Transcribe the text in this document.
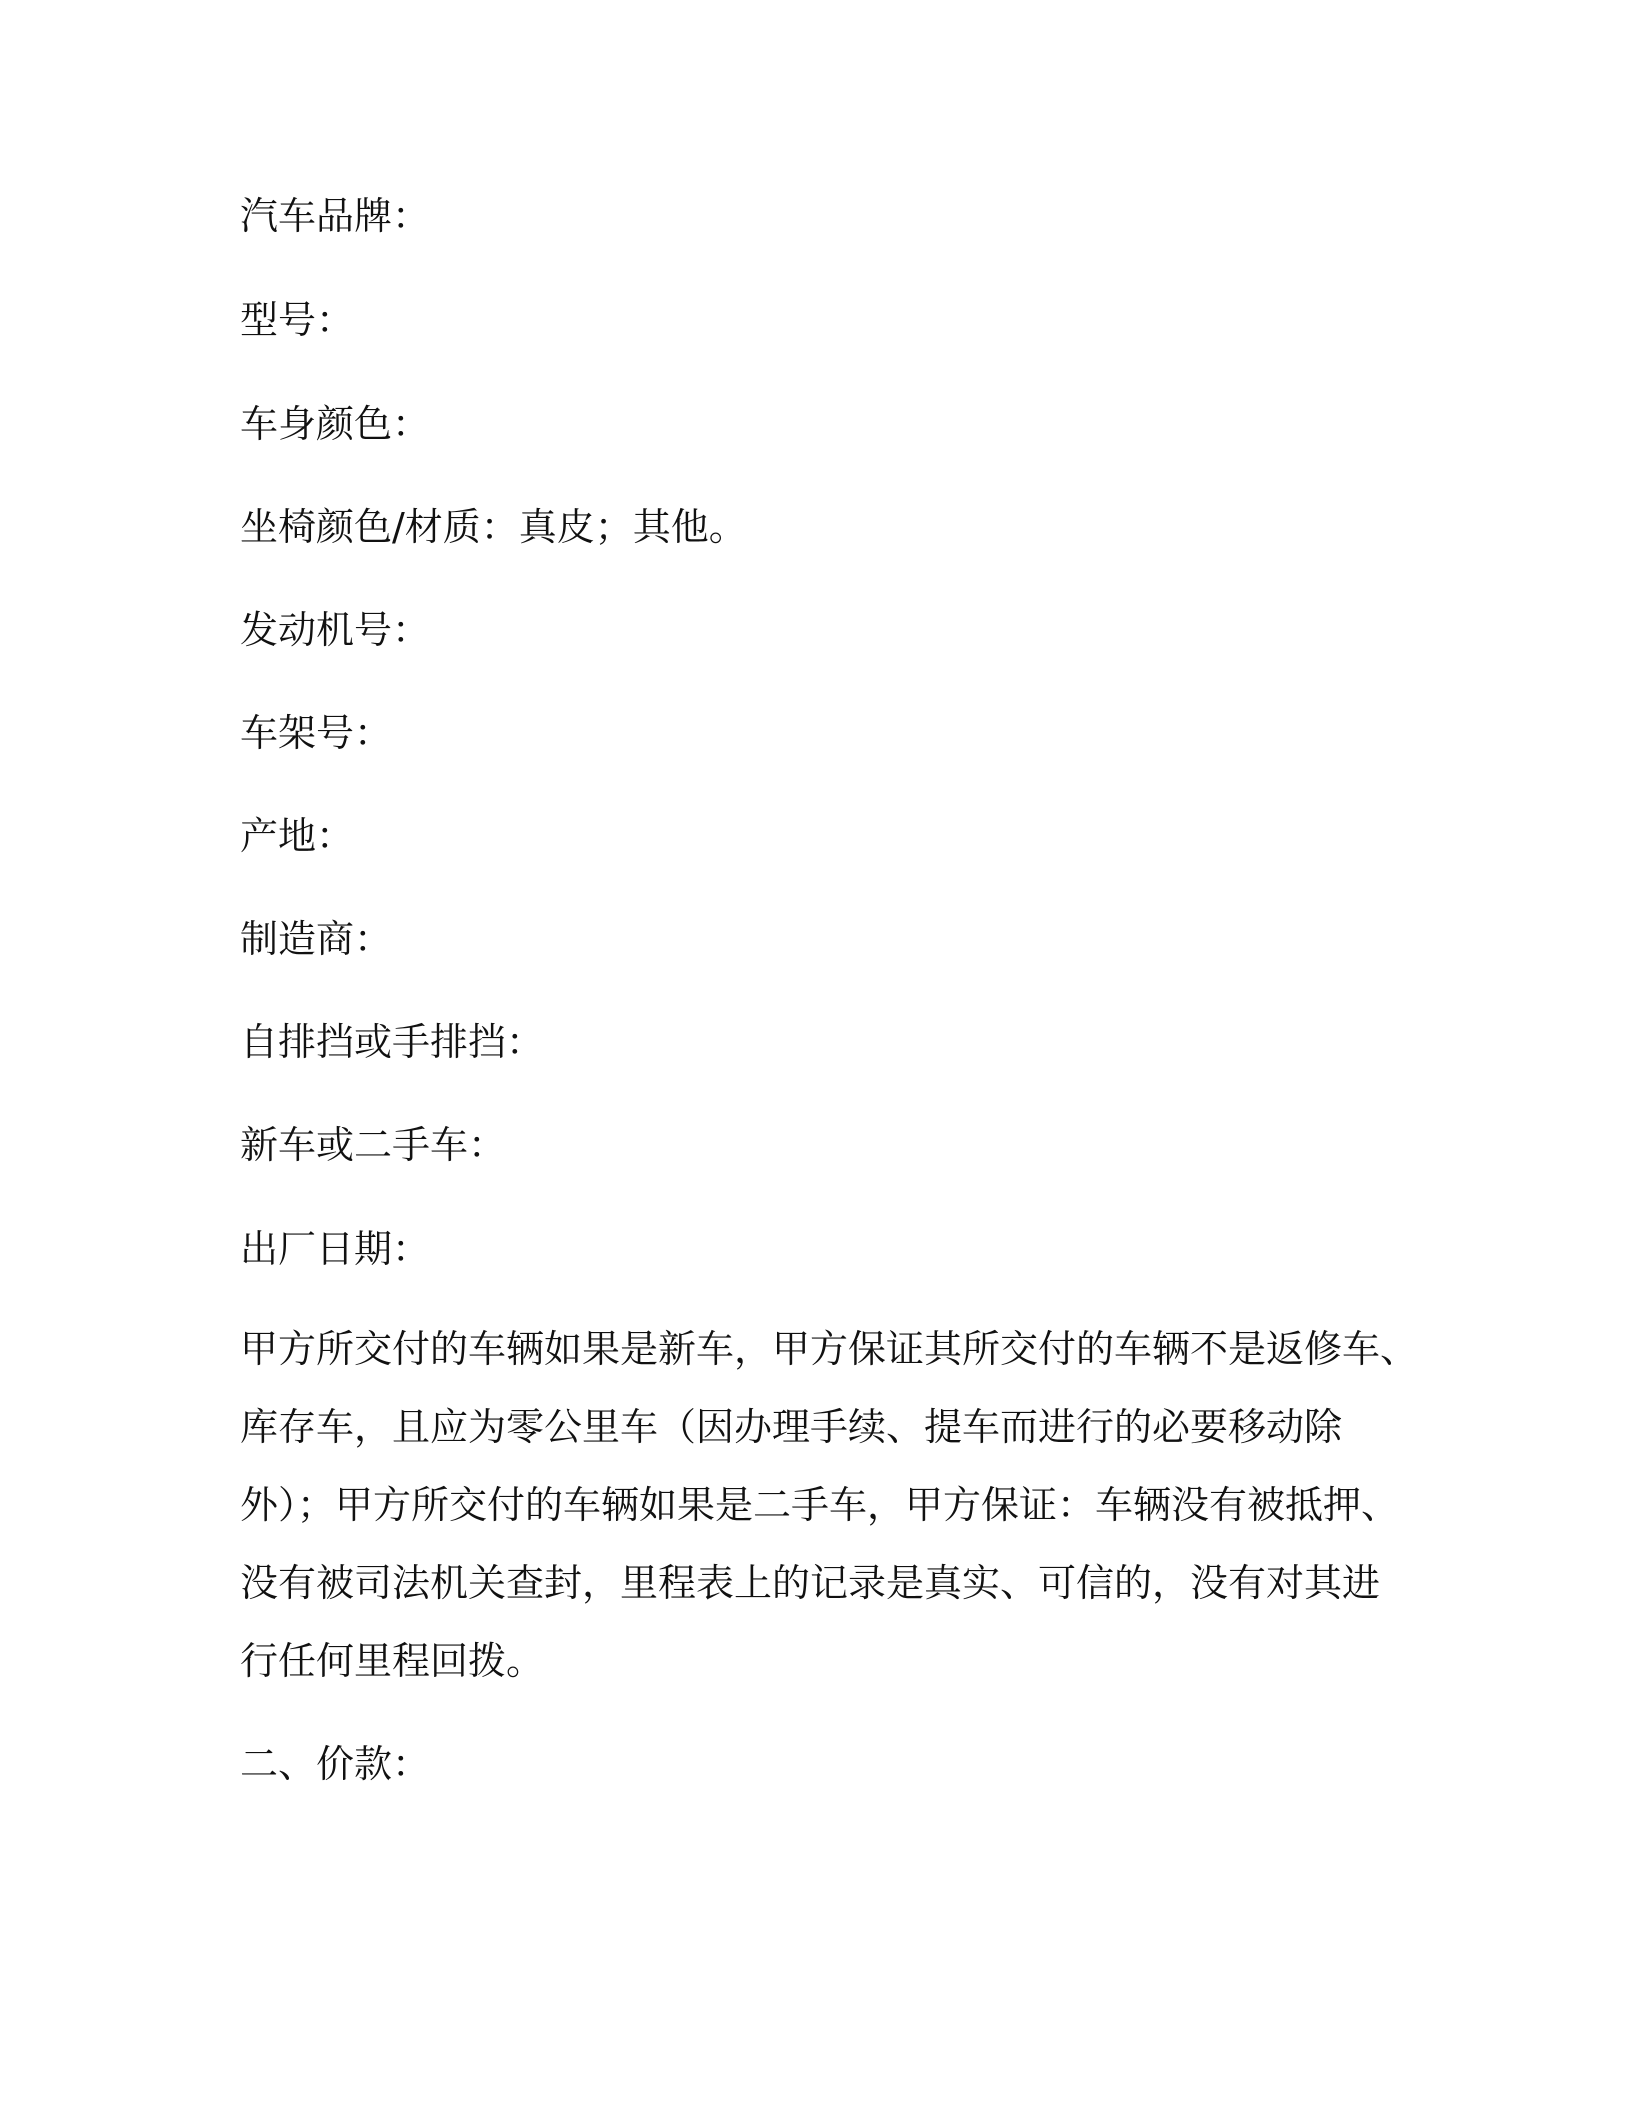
汽车品牌：
型号：
车身颜色：
坐椅颜色/材质：真皮；其他。
发动机号：
车架号：
产地：
制造商：
自排挡或手排挡：
新车或二手车：
出厂日期：
甲方所交付的车辆如果是新车，甲方保证其所交付的车辆不是返修车、
库存车，且应为零公里车（因办理手续、提车而进行的必要移动除
外）；甲方所交付的车辆如果是二手车，甲方保证：车辆没有被抵押、
没有被司法机关查封，里程表上的记录是真实、可信的，没有对其进
行任何里程回拨。
二、价款：
